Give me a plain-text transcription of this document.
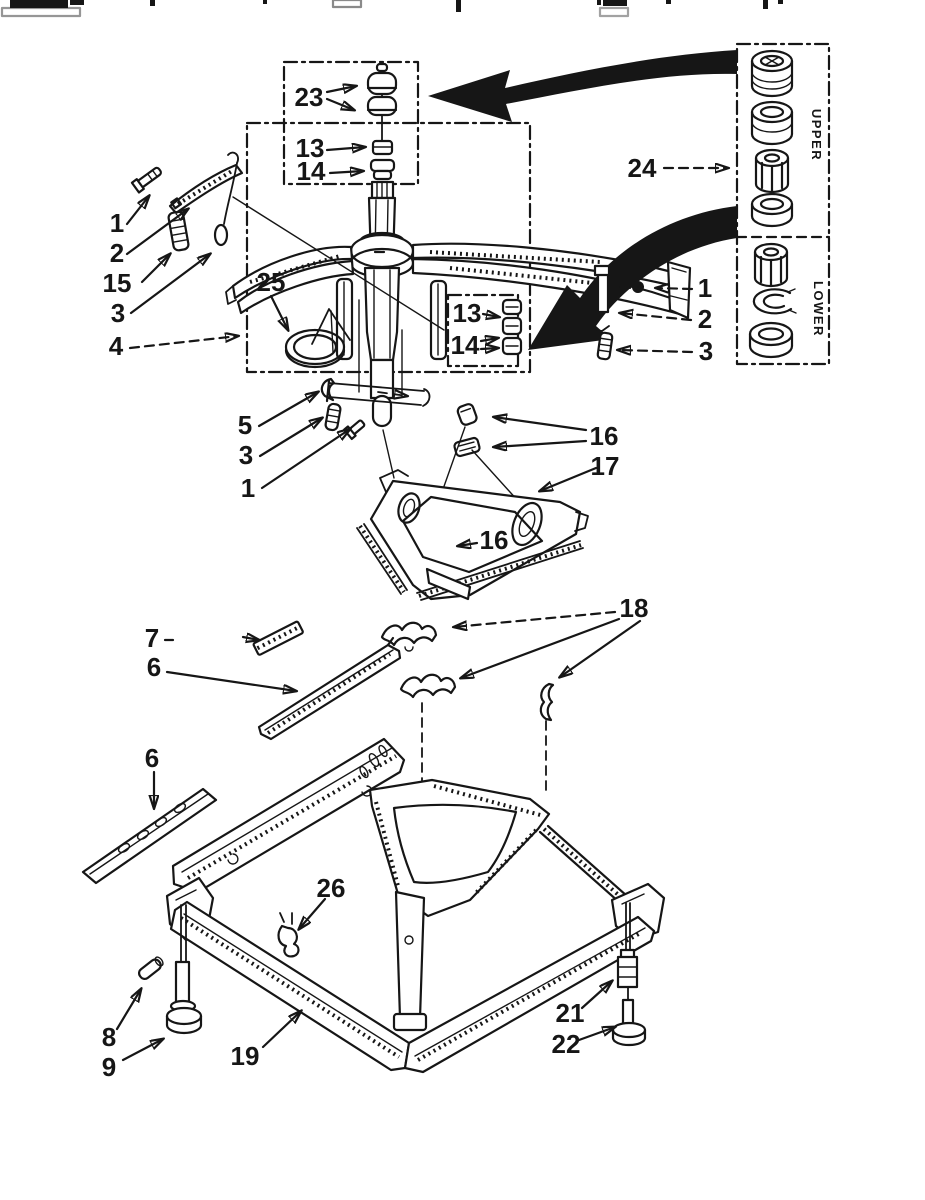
UPPER
LOWER
1
2
15
3
4
5
3
1
23
13
14
13
14
25
24
1
2
3
16
17
16
7
6
6
18
26
19
8
9
21
22
